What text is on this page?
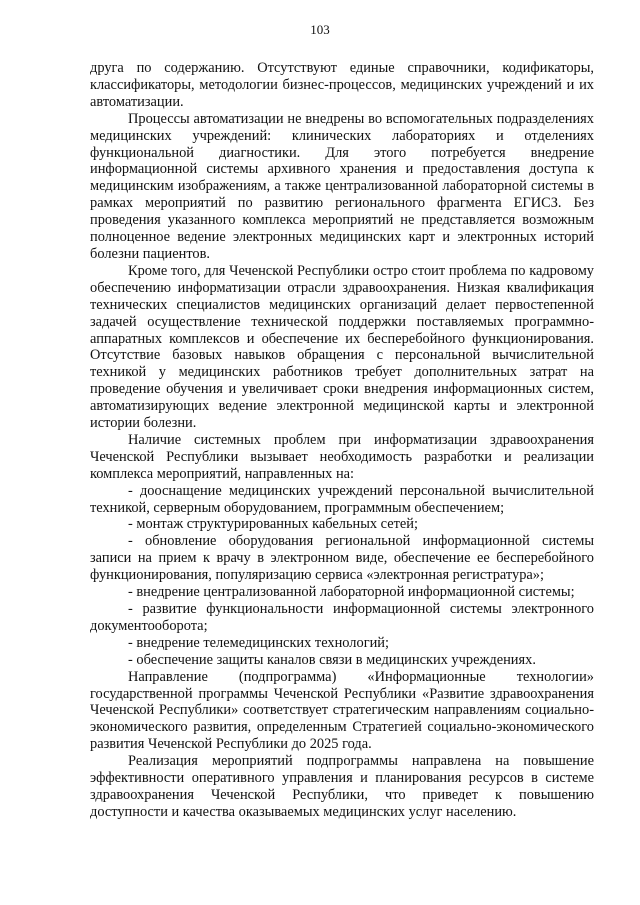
103

друга по содержанию. Отсутствуют единые справочники, кодификаторы, классификаторы, методологии бизнес-процессов, медицинских учреждений и их автоматизации.

Процессы автоматизации не внедрены во вспомогательных подразделениях медицинских учреждений: клинических лабораториях и отделениях функциональной диагностики. Для этого потребуется внедрение информационной системы архивного хранения и предоставления доступа к медицинским изображениям, а также централизованной лабораторной системы в рамках мероприятий по развитию регионального фрагмента ЕГИСЗ. Без проведения указанного комплекса мероприятий не представляется возможным полноценное ведение электронных медицинских карт и электронных историй болезни пациентов.

Кроме того, для Чеченской Республики остро стоит проблема по кадровому обеспечению информатизации отрасли здравоохранения. Низкая квалификация технических специалистов медицинских организаций делает первостепенной задачей осуществление технической поддержки поставляемых программно-аппаратных комплексов и обеспечение их бесперебойного функционирования. Отсутствие базовых навыков обращения с персональной вычислительной техникой у медицинских работников требует дополнительных затрат на проведение обучения и увеличивает сроки внедрения информационных систем, автоматизирующих ведение электронной медицинской карты и электронной истории болезни.

Наличие системных проблем при информатизации здравоохранения Чеченской Республики вызывает необходимость разработки и реализации комплекса мероприятий, направленных на:

- дооснащение медицинских учреждений персональной вычислительной техникой, серверным оборудованием, программным обеспечением;

- монтаж структурированных кабельных сетей;

- обновление оборудования региональной информационной системы записи на прием к врачу в электронном виде, обеспечение ее бесперебойного функционирования, популяризацию сервиса «электронная регистратура»;

- внедрение централизованной лабораторной информационной системы;

- развитие функциональности информационной системы электронного документооборота;

- внедрение телемедицинских технологий;

- обеспечение защиты каналов связи в медицинских учреждениях.

Направление (подпрограмма) «Информационные технологии» государственной программы Чеченской Республики «Развитие здравоохранения Чеченской Республики» соответствует стратегическим направлениям социально-экономического развития, определенным Стратегией социально-экономического развития Чеченской Республики до 2025 года.

Реализация мероприятий подпрограммы направлена на повышение эффективности оперативного управления и планирования ресурсов в системе здравоохранения Чеченской Республики, что приведет к повышению доступности и качества оказываемых медицинских услуг населению.
